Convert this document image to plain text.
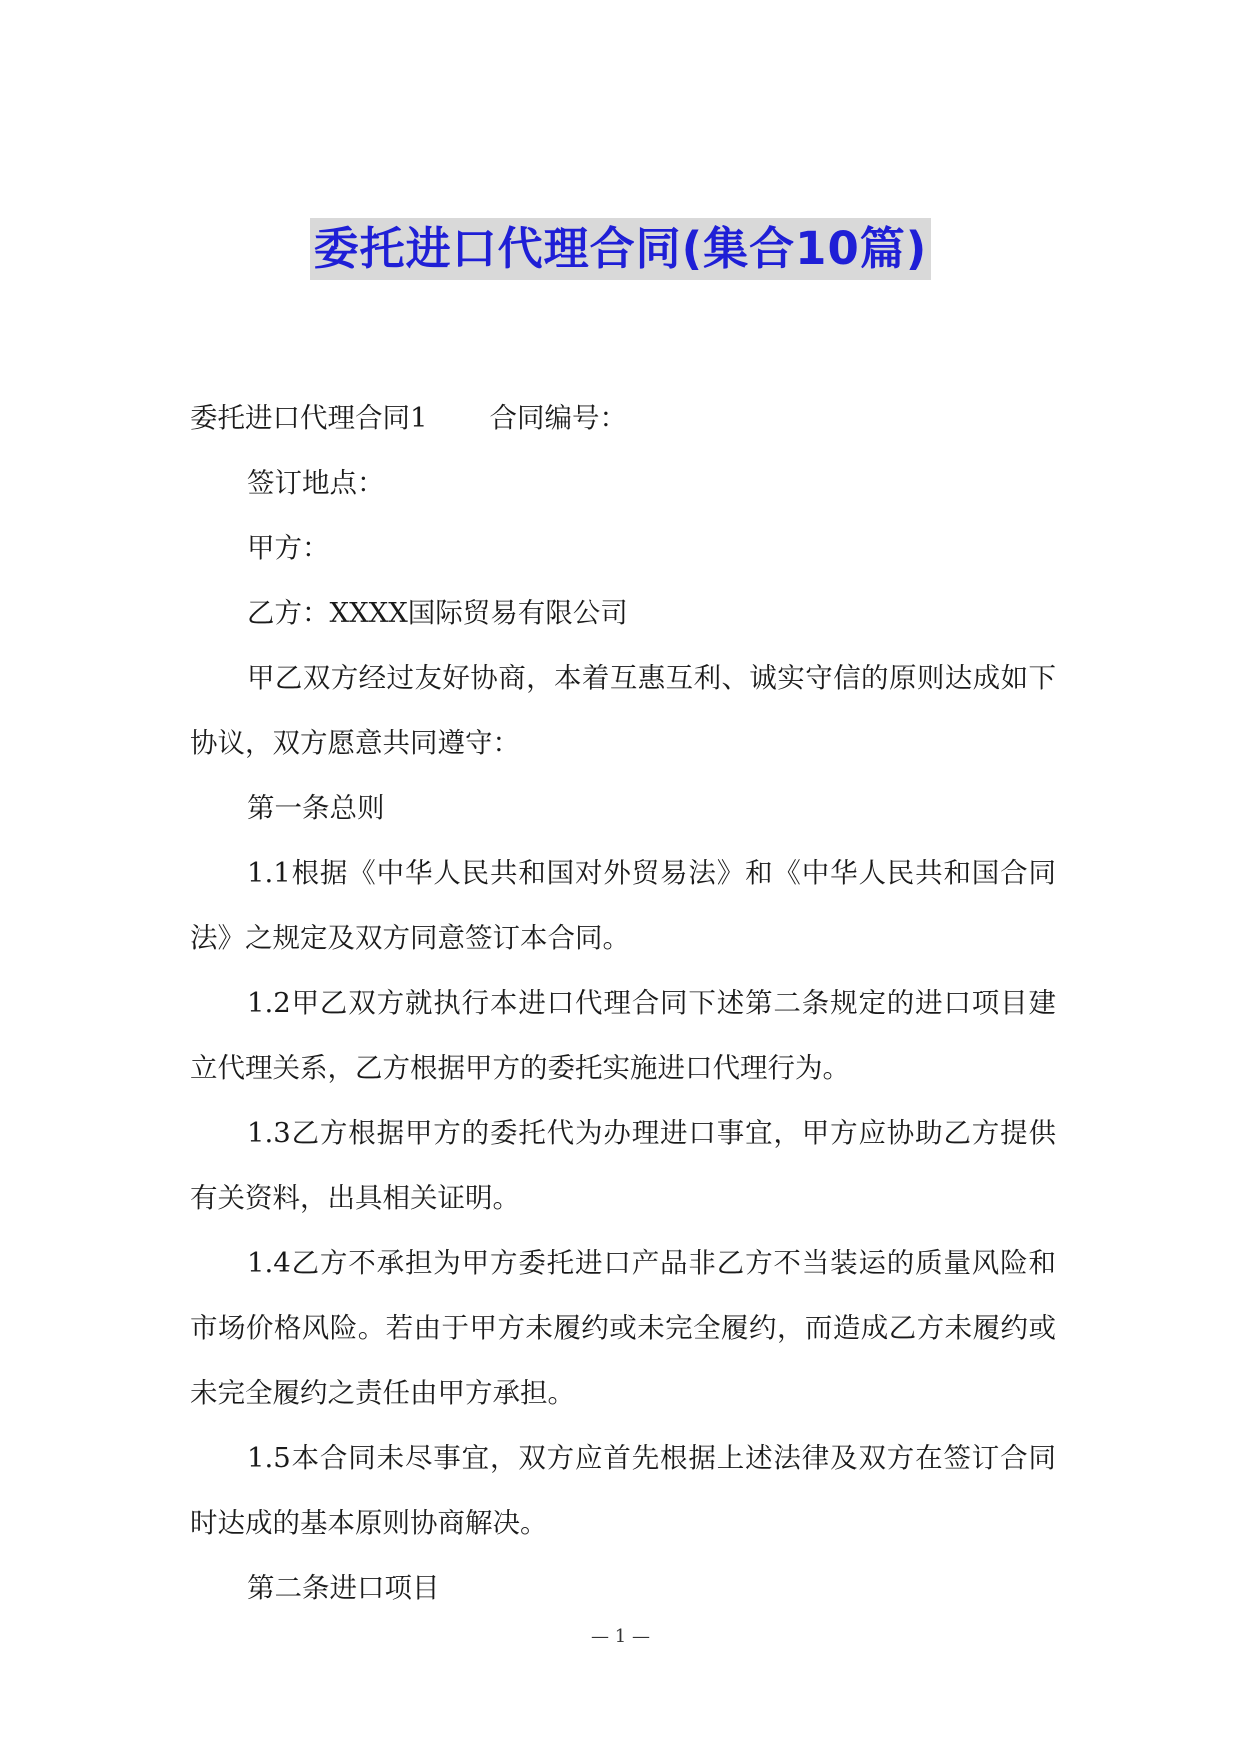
委托进口代理合同(集合10篇)

委托进口代理合同1 合同编号：

签订地点：

甲方：

乙方：XXXX国际贸易有限公司

甲乙双方经过友好协商，本着互惠互利、诚实守信的原则达成如下协议，双方愿意共同遵守：

第一条总则

1.1根据《中华人民共和国对外贸易法》和《中华人民共和国合同法》之规定及双方同意签订本合同。

1.2甲乙双方就执行本进口代理合同下述第二条规定的进口项目建立代理关系，乙方根据甲方的委托实施进口代理行为。

1.3乙方根据甲方的委托代为办理进口事宜，甲方应协助乙方提供有关资料，出具相关证明。

1.4乙方不承担为甲方委托进口产品非乙方不当装运的质量风险和市场价格风险。若由于甲方未履约或未完全履约，而造成乙方未履约或未完全履约之责任由甲方承担。

1.5本合同未尽事宜，双方应首先根据上述法律及双方在签订合同时达成的基本原则协商解决。

第二条进口项目

— 1 —
